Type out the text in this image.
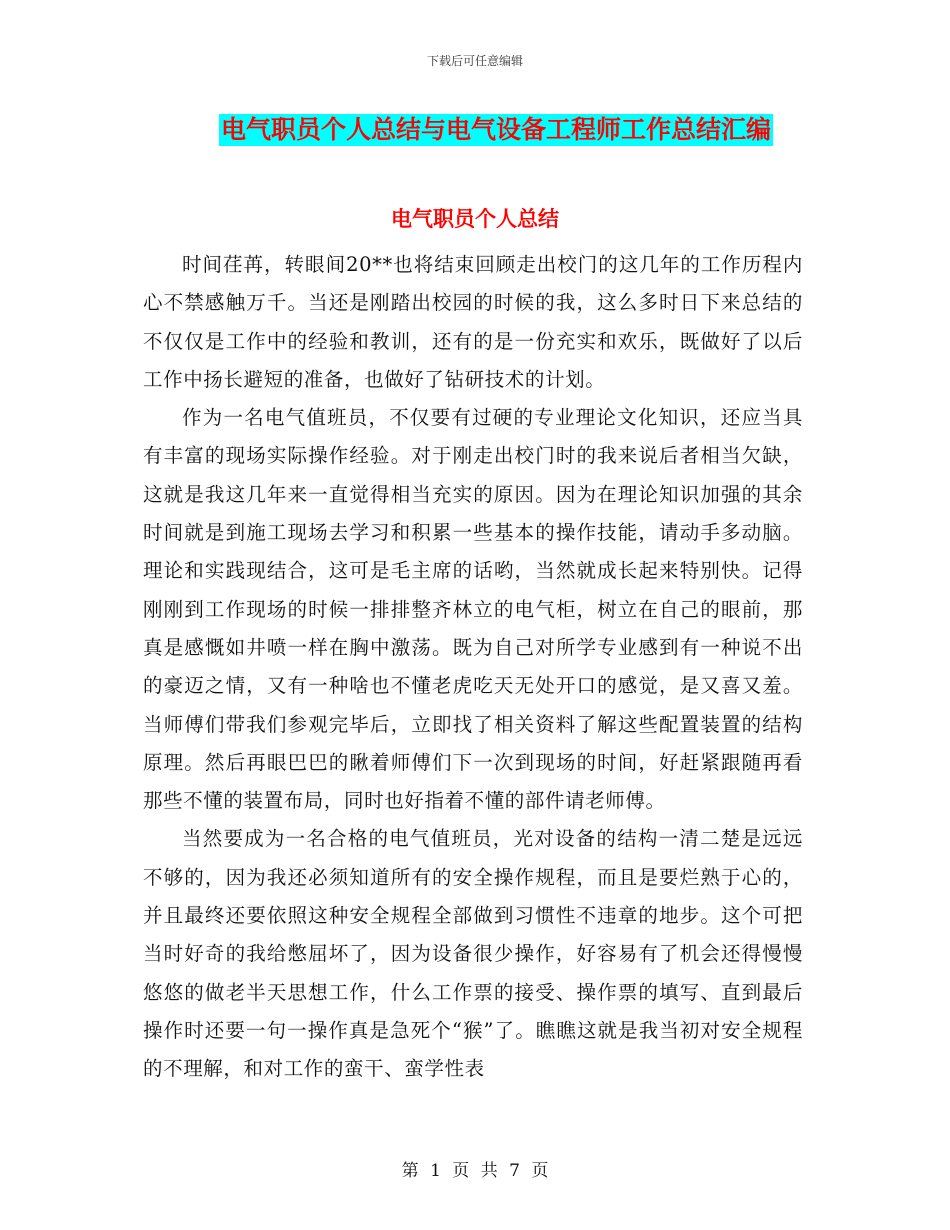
下载后可任意编辑
电气职员个人总结与电气设备工程师工作总结汇编
电气职员个人总结

时间荏苒，转眼间20**也将结束回顾走出校门的这几年的工作历程内心不禁感触万千。当还是刚踏出校园的时候的我，这么多时日下来总结的不仅仅是工作中的经验和教训，还有的是一份充实和欢乐，既做好了以后工作中扬长避短的准备，也做好了钻研技术的计划。

作为一名电气值班员，不仅要有过硬的专业理论文化知识，还应当具有丰富的现场实际操作经验。对于刚走出校门时的我来说后者相当欠缺，这就是我这几年来一直觉得相当充实的原因。因为在理论知识加强的其余时间就是到施工现场去学习和积累一些基本的操作技能，请动手多动脑。理论和实践现结合，这可是毛主席的话哟，当然就成长起来特别快。记得刚刚到工作现场的时候一排排整齐林立的电气柜，树立在自己的眼前，那真是感慨如井喷一样在胸中激荡。既为自己对所学专业感到有一种说不出的豪迈之情，又有一种啥也不懂老虎吃天无处开口的感觉，是又喜又羞。当师傅们带我们参观完毕后，立即找了相关资料了解这些配置装置的结构原理。然后再眼巴巴的瞅着师傅们下一次到现场的时间，好赶紧跟随再看那些不懂的装置布局，同时也好指着不懂的部件请老师傅。

当然要成为一名合格的电气值班员，光对设备的结构一清二楚是远远不够的，因为我还必须知道所有的安全操作规程，而且是要烂熟于心的，并且最终还要依照这种安全规程全部做到习惯性不违章的地步。这个可把当时好奇的我给憋屈坏了，因为设备很少操作，好容易有了机会还得慢慢悠悠的做老半天思想工作，什么工作票的接受、操作票的填写、直到最后操作时还要一句一操作真是急死个“猴”了。瞧瞧这就是我当初对安全规程的不理解，和对工作的蛮干、蛮学性表

第 1 页 共 7 页
